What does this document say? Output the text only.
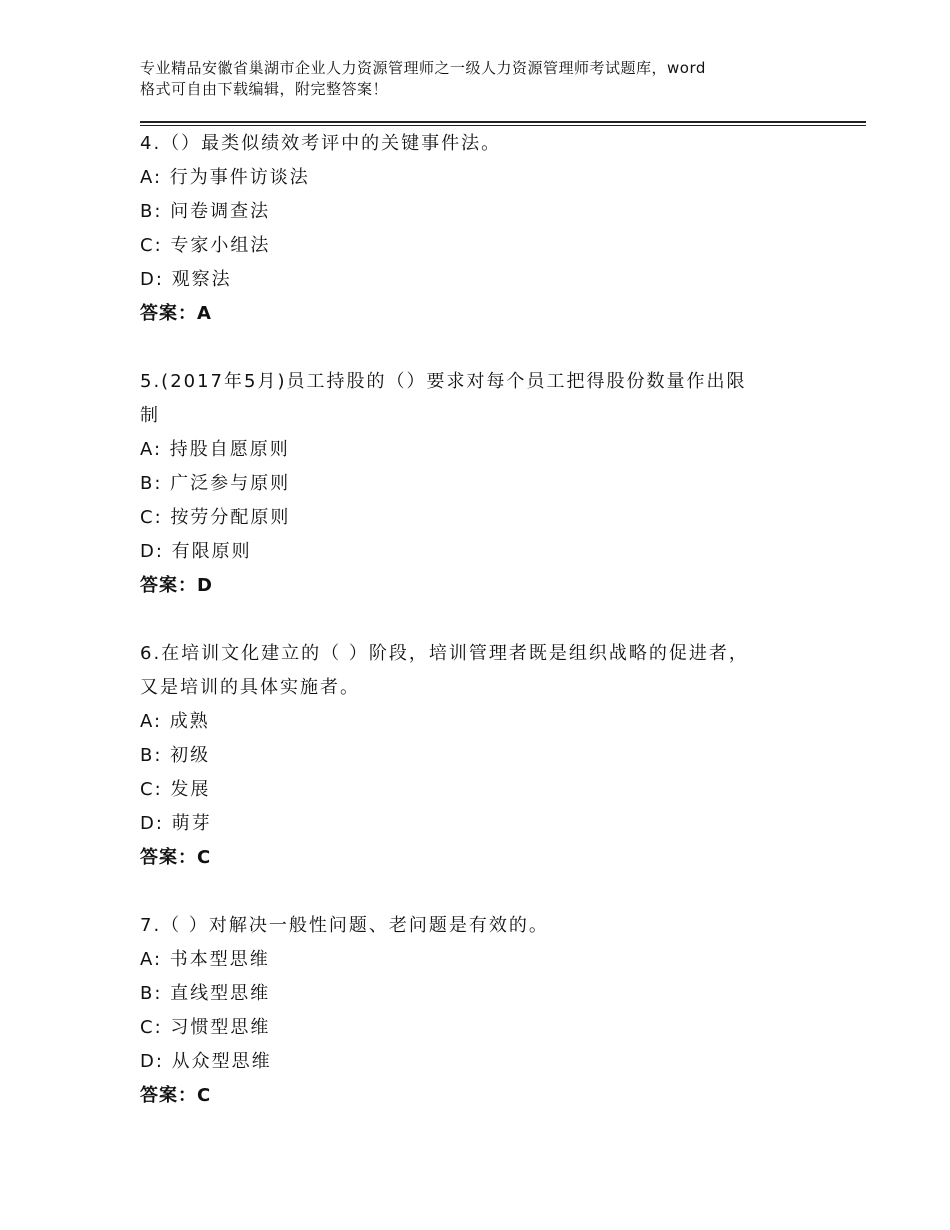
专业精品安徽省巢湖市企业人力资源管理师之一级人力资源管理师考试题库，word
格式可自由下载编辑，附完整答案！
4.（）最类似绩效考评中的关键事件法。
A: 行为事件访谈法
B: 问卷调查法
C: 专家小组法
D: 观察法
答案：A
5.(2017年5月)员工持股的（）要求对每个员工把得股份数量作出限
制
A: 持股自愿原则
B: 广泛参与原则
C: 按劳分配原则
D: 有限原则
答案：D
6.在培训文化建立的（ ）阶段，培训管理者既是组织战略的促进者，
又是培训的具体实施者。
A: 成熟
B: 初级
C: 发展
D: 萌芽
答案：C
7.（ ）对解决一般性问题、老问题是有效的。
A: 书本型思维
B: 直线型思维
C: 习惯型思维
D: 从众型思维
答案：C
